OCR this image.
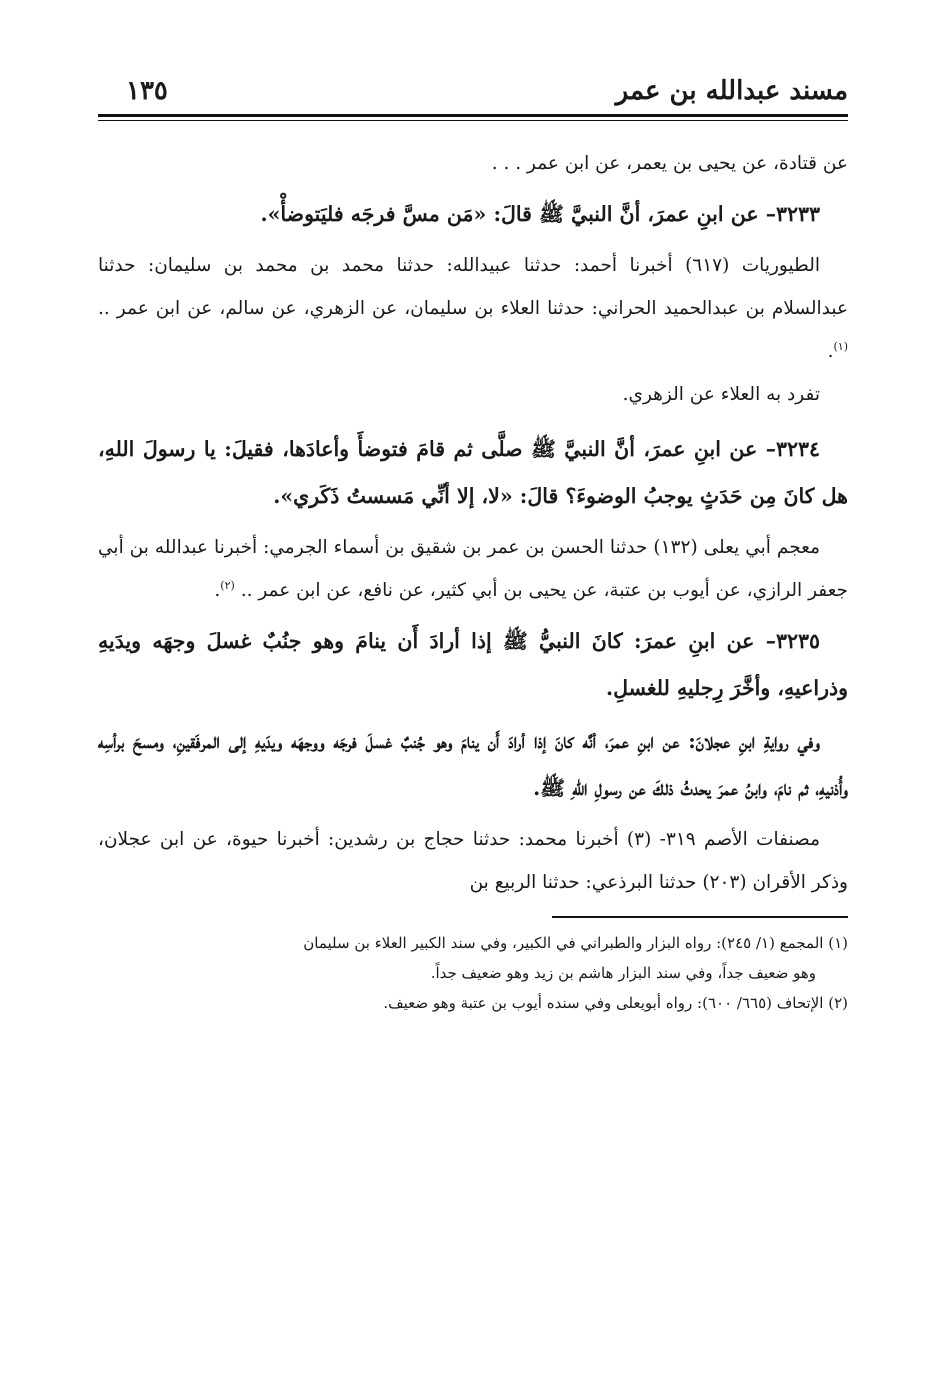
مسند عبدالله بن عمر
١٣٥

عن قتادة، عن يحيى بن يعمر، عن ابن عمر . . .

٣٢٣٣– عن ابنِ عمرَ، أنَّ النبيَّ ﷺ قالَ: «مَن مسَّ فرجَه فليَتوضأْ».

الطيوريات (٦١٧) أخبرنا أحمد: حدثنا عبيدالله: حدثنا محمد بن محمد بن سليمان: حدثنا عبدالسلام بن عبدالحميد الحراني: حدثنا العلاء بن سليمان، عن الزهري، عن سالم، عن ابن عمر .. $^{(١)}$.

تفرد به العلاء عن الزهري.

٣٢٣٤– عن ابنِ عمرَ، أنَّ النبيَّ ﷺ صلَّى ثم قامَ فتوضأَ وأعادَها، فقيلَ: يا رسولَ اللهِ، هل كانَ مِن حَدَثٍ يوجبُ الوضوءَ؟ قالَ: «لا، إلا أنِّي مَسستُ ذَكَري».

معجم أبي يعلى (١٣٢) حدثنا الحسن بن عمر بن شقيق بن أسماء الجرمي: أخبرنا عبدالله بن أبي جعفر الرازي، عن أيوب بن عتبة، عن يحيى بن أبي كثير، عن نافع، عن ابن عمر .. $^{(٢)}$.

٣٢٣٥– عن ابنِ عمرَ: كانَ النبيُّ ﷺ إذا أرادَ أَن ينامَ وهو جنُبٌ غسلَ وجهَه ويدَيهِ وذراعيهِ، وأخَّرَ رِجليهِ للغسلِ.

وفي روايةِ ابنِ عجلانَ: عن ابنِ عمرَ، أنَّه كانَ إذا أرادَ أَن ينامَ وهو جُنبٌ غسلَ فرجَه ووجهَه ويدَيهِ إلى المرفَقينِ، ومسحَ برأسِه وأُذنيهِ، ثم نامَ، وابنُ عمرَ يحدثُ ذلكَ عن رسولِ اللهِ ﷺ.

مصنفات الأصم ٣١٩- (٣) أخبرنا محمد: حدثنا حجاج بن رشدين: أخبرنا حيوة، عن ابن عجلان، وذكر الأقران (٢٠٣) حدثنا البرذعي: حدثنا الربيع بن

(١) المجمع (١/ ٢٤٥): رواه البزار والطبراني في الكبير، وفي سند الكبير العلاء بن سليمان

وهو ضعيف جداً، وفي سند البزار هاشم بن زيد وهو ضعيف جداً.

(٢) الإتحاف (٦٦٥/ ٦٠٠): رواه أبويعلى وفي سنده أيوب بن عتبة وهو ضعيف.
